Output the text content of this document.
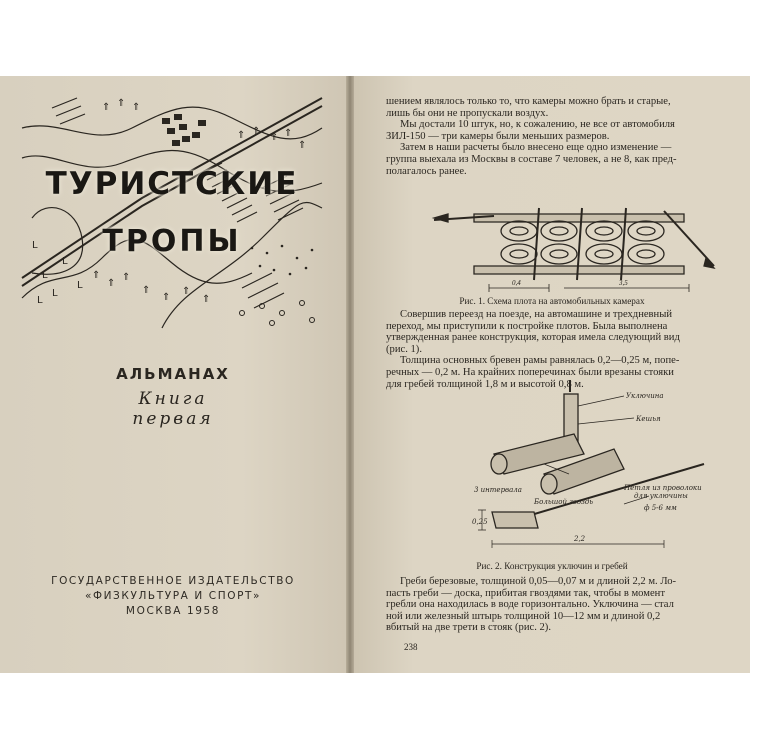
⇑ ⇑ ⇑
⇑ ⇑
⇑ ⇑
⇑
⇑
⇑
⇑
⇑
⇑
⇑
⇑
L
L
L
L
L
L
ТУРИСТСКИЕ
ТРОПЫ
АЛЬМАНАХ
Книга
первая
ГОСУДАРСТВЕННОЕ ИЗДАТЕЛЬСТВО
«ФИЗКУЛЬТУРА И СПОРТ»
МОСКВА 1958
шением являлось только то, что камеры можно брать и старые,
лишь бы они не пропускали воздух.
Мы достали 10 штук, но, к сожалению, не все от автомобиля
ЗИЛ-150 — три камеры были меньших размеров.
Затем в наши расчеты было внесено еще одно изменение —
группа выехала из Москвы в составе 7 человек, а не 8, как пред-
полагалось ранее.
0,4	3,5
Рис. 1. Схема плота на автомобильных камерах
Совершив переезд на поезде, на автомашине и трехдневный
переход, мы приступили к постройке плотов. Была выполнена
утвержденная ранее конструкция, которая имела следующий вид
(рис. 1).
Толщина основных бревен рамы равнялась 0,2—0,25 м, попе-
речных — 0,2 м. На крайних поперечинах были врезаны стояки
для гребей толщиной 1,8 м и высотой 0,8 м.
Уключина
Кешья
Большой гвоздь
3 интервала	Петля из проволоки
для уключины
ф 5-6 мм
0,25
2,2
Рис. 2. Конструкция уключин и гребей
Греби березовые, толщиной 0,05—0,07 м и длиной 2,2 м. Ло-
пасть греби — доска, прибитая гвоздями так, чтобы в момент
гребли она находилась в воде горизонтально. Уключина — стал
ной или железный штырь толщиной 10—12 мм и длиной 0,2
вбитый на две трети в стояк (рис. 2).
238
